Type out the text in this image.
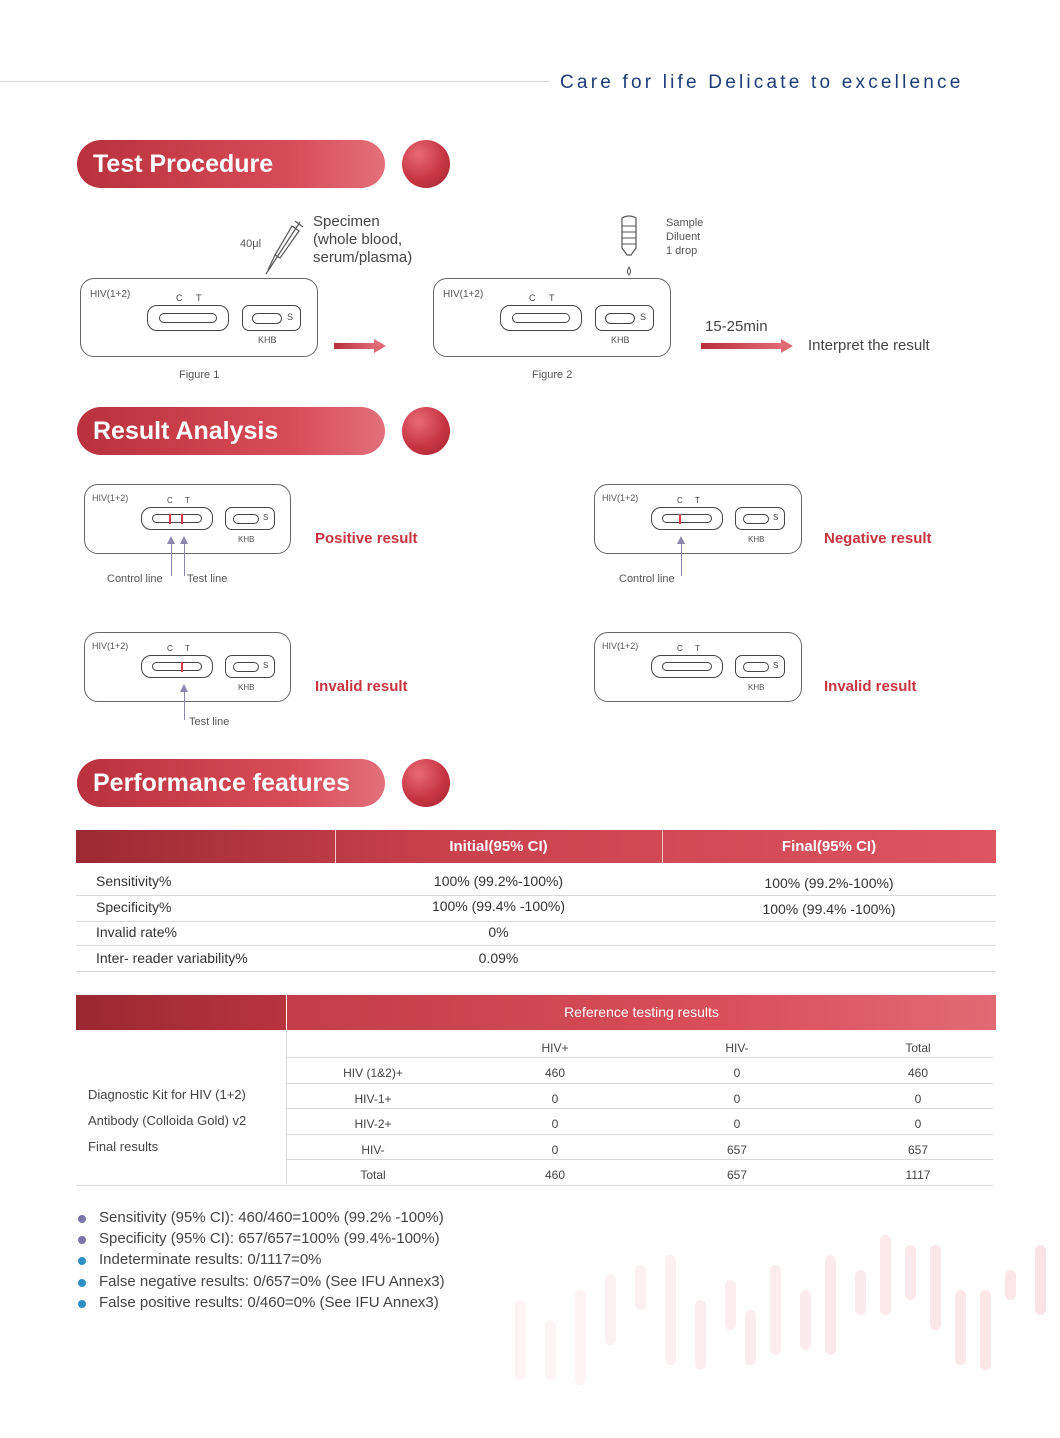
Care for life Delicate to excellence
Test Procedure
40μl
Specimen
(whole blood,
serum/plasma)
HIV(1+2)	C T
S
KHB
Figure 1
Sample Diluent
1 drop
HIV(1+2)	C T
S
KHB
Figure 2
15-25min
Interpret the result
Result Analysis
HIV(1+2)	C T
S
KHB
Control line Test line
Positive result
HIV(1+2)	C T
S
KHB
Control line
Negative result
HIV(1+2)	C T
S
KHB
Test line
Invalid result
HIV(1+2)	C T
S
KHB	Invalid result
Performance features
Initial(95% CI)	Final(95% CI)
Sensitivity%	100% (99.2%-100%)	100% (99.2%-100%)
Specificity%	100% (99.4% -100%)	100% (99.4% -100%)
Invalid rate%	0%
Inter- reader variability%	0.09%
Reference testing results
Diagnostic Kit for HIV (1+2)
Antibody (Colloida Gold) v2
Final results
HIV+	HIV-	Total
HIV (1&2)+	460	0	460
HIV-1+	0	0	0
HIV-2+	0	0	0
HIV-	0	657	657
Total	460	657	1117
Sensitivity (95% CI): 460/460=100% (99.2% -100%)
Specificity (95% CI): 657/657=100% (99.4%-100%)
Indeterminate results: 0/1117=0%
False negative results: 0/657=0% (See IFU Annex3)
False positive results: 0/460=0% (See IFU Annex3)
